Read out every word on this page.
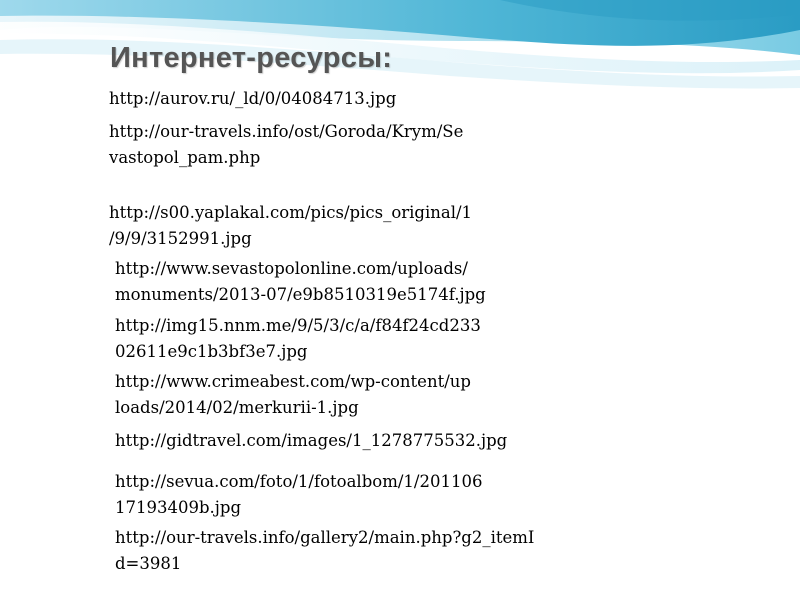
Интернет-ресурсы:
http://aurov.ru/_ld/0/04084713.jpg
http://our-travels.info/ost/Goroda/Krym/Se
vastopol_pam.php
http://s00.yaplakal.com/pics/pics_original/1
/9/9/3152991.jpg
http://www.sevastopolonline.com/uploads/
monuments/2013-07/e9b8510319e5174f.jpg
http://img15.nnm.me/9/5/3/c/a/f84f24cd233
02611e9c1b3bf3e7.jpg
http://www.crimeabest.com/wp-content/up
loads/2014/02/merkurii-1.jpg
http://gidtravel.com/images/1_1278775532.jpg
http://sevua.com/foto/1/fotoalbom/1/201106
17193409b.jpg
http://our-travels.info/gallery2/main.php?g2_itemI
d=3981
